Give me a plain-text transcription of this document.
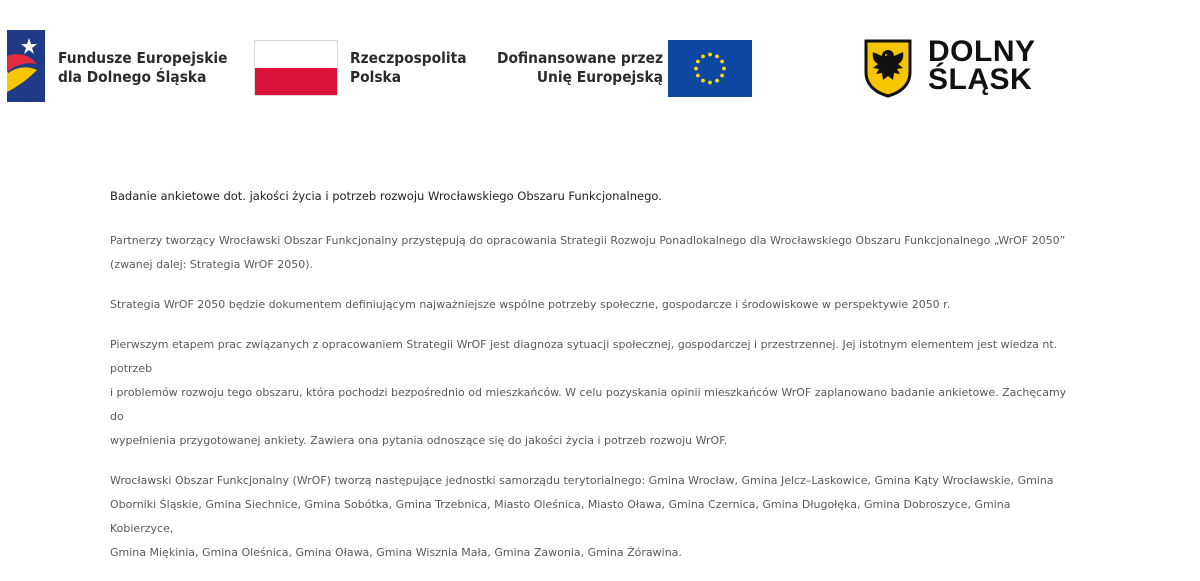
Fundusze Europejskie
dla Dolnego Śląska
Rzeczpospolita
Polska
Dofinansowane przez
Unię Europejską
DOLNY
ŚLĄSK

Badanie ankietowe dot. jakości życia i potrzeb rozwoju Wrocławskiego Obszaru Funkcjonalnego.

Partnerzy tworzący Wrocławski Obszar Funkcjonalny przystępują do opracowania Strategii Rozwoju Ponadlokalnego dla Wrocławskiego Obszaru Funkcjonalnego „WrOF 2050”

(zwanej dalej: Strategia WrOF 2050).

Strategia WrOF 2050 będzie dokumentem definiującym najważniejsze wspólne potrzeby społeczne, gospodarcze i środowiskowe w perspektywie 2050 r.

Pierwszym etapem prac związanych z opracowaniem Strategii WrOF jest diagnoza sytuacji społecznej, gospodarczej i przestrzennej. Jej istotnym elementem jest wiedza nt. potrzeb

i problemów rozwoju tego obszaru, która pochodzi bezpośrednio od mieszkańców. W celu pozyskania opinii mieszkańców WrOF zaplanowano badanie ankietowe. Zachęcamy do

wypełnienia przygotowanej ankiety. Zawiera ona pytania odnoszące się do jakości życia i potrzeb rozwoju WrOF.

Wrocławski Obszar Funkcjonalny (WrOF) tworzą następujące jednostki samorządu terytorialnego: Gmina Wrocław, Gmina Jelcz–Laskowice, Gmina Kąty Wrocławskie, Gmina

Oborniki Śląskie, Gmina Siechnice, Gmina Sobótka, Gmina Trzebnica, Miasto Oleśnica, Miasto Oława, Gmina Czernica, Gmina Długołęka, Gmina Dobroszyce, Gmina Kobierzyce,

Gmina Miękinia, Gmina Oleśnica, Gmina Oława, Gmina Wisznia Mała, Gmina Zawonia, Gmina Żórawina.
